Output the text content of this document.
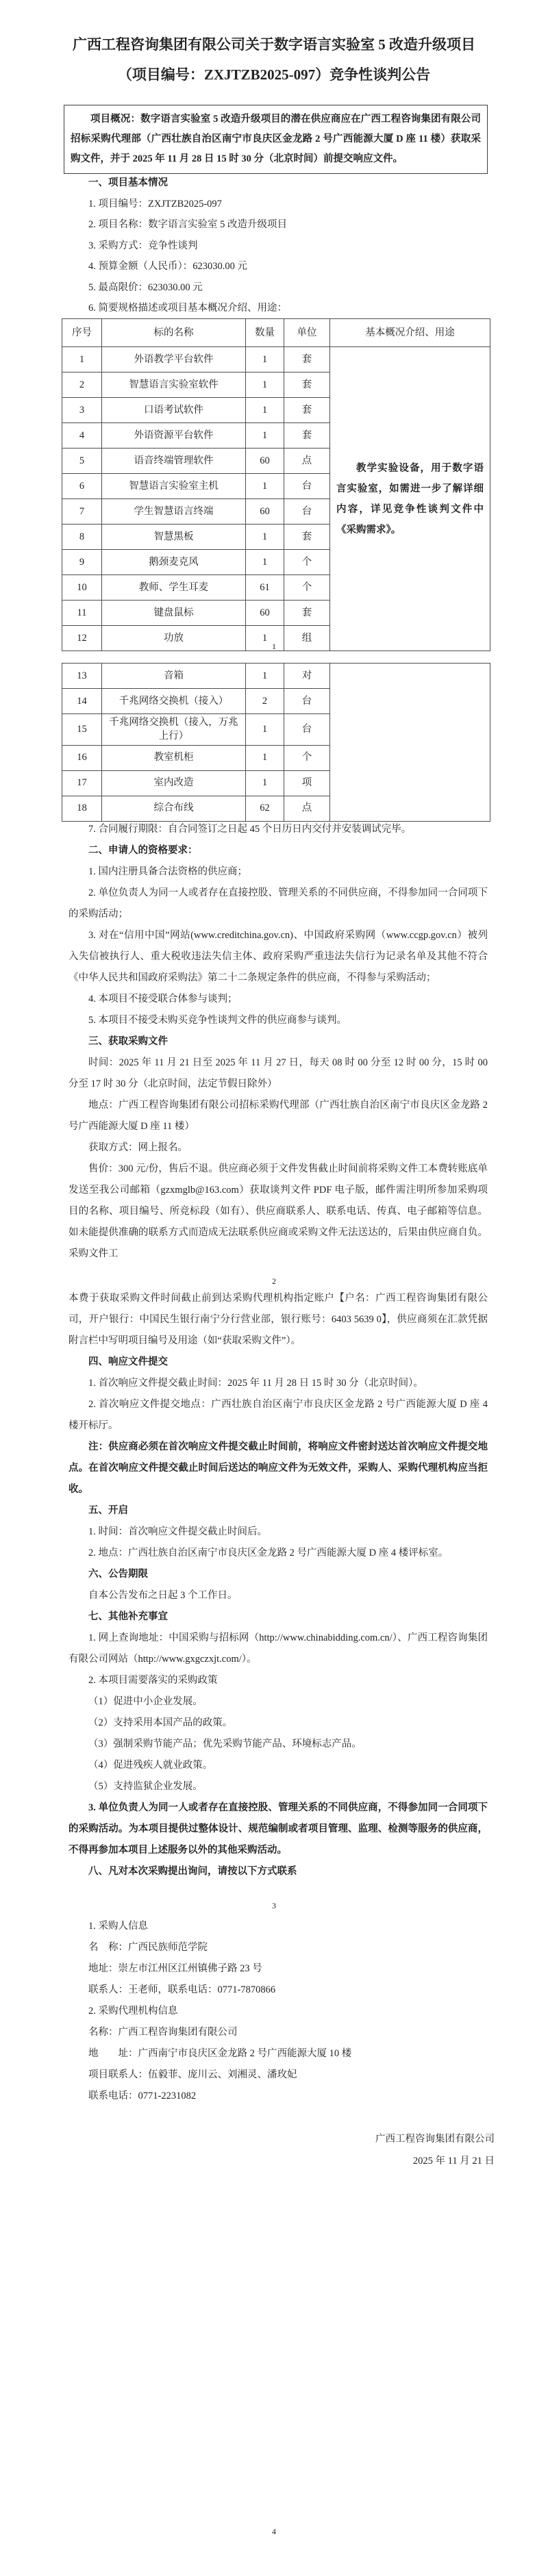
广西工程咨询集团有限公司关于数字语言实验室 5 改造升级项目
（项目编号：ZXJTZB2025-097）竞争性谈判公告

项目概况：数字语言实验室 5 改造升级项目的潜在供应商应在广西工程咨询集团有限公司招标采购代理部（广西壮族自治区南宁市良庆区金龙路 2 号广西能源大厦 D 座 11 楼）获取采购文件，并于 2025 年 11 月 28 日 15 时 30 分（北京时间）前提交响应文件。

一、项目基本情况

1. 项目编号：ZXJTZB2025-097

2. 项目名称：数字语言实验室 5 改造升级项目

3. 采购方式：竞争性谈判

4. 预算金额（人民币）：623030.00 元

5. 最高限价：623030.00 元

6. 简要规格描述或项目基本概况介绍、用途：

序号	标的名称	数量	单位	基本概况介绍、用途
1	外语教学平台软件	1	套	教学实验设备，用于数字语言实验室，如需进一步了解详细内容，详见竞争性谈判文件中《采购需求》。

2	智慧语言实验室软件	1	套	
3	口语考试软件	1	套	
4	外语资源平台软件	1	套	
5	语音终端管理软件	60	点	
6	智慧语言实验室主机	1	台	
7	学生智慧语言终端	60	台	
8	智慧黑板	1	套	
9	鹅颈麦克风	1	个	
10	教师、学生耳麦	61	个	
11	键盘鼠标	60	套	
12	功放	1	组	
1
13	音箱	1	对	
14	千兆网络交换机（接入）	2	台	
15	千兆网络交换机（接入，万兆上行）	1	台	
16	教室机柜	1	个	
17	室内改造	1	项	
18	综合布线	62	点	

7. 合同履行期限：自合同签订之日起 45 个日历日内交付并安装调试完毕。

二、申请人的资格要求：

1. 国内注册具备合法资格的供应商；

2. 单位负责人为同一人或者存在直接控股、管理关系的不同供应商，不得参加同一合同项下的采购活动；

3. 对在“信用中国”网站(www.creditchina.gov.cn)、中国政府采购网（www.ccgp.gov.cn）被列入失信被执行人、重大税收违法失信主体、政府采购严重违法失信行为记录名单及其他不符合《中华人民共和国政府采购法》第二十二条规定条件的供应商，不得参与采购活动；

4. 本项目不接受联合体参与谈判；

5. 本项目不接受未购买竞争性谈判文件的供应商参与谈判。

三、获取采购文件

时间：2025 年 11 月 21 日至 2025 年 11 月 27 日，每天 08 时 00 分至 12 时 00 分，15 时 00 分至 17 时 30 分（北京时间，法定节假日除外）

地点：广西工程咨询集团有限公司招标采购代理部（广西壮族自治区南宁市良庆区金龙路 2 号广西能源大厦 D 座 11 楼）

获取方式：网上报名。

售价：300 元/份，售后不退。供应商必须于文件发售截止时间前将采购文件工本费转账底单发送至我公司邮箱（gzxmglb@163.com）获取谈判文件 PDF 电子版，邮件需注明所参加采购项目的名称、项目编号、所竞标段（如有）、供应商联系人、联系电话、传真、电子邮箱等信息。如未能提供准确的联系方式而造成无法联系供应商或采购文件无法送达的，后果由供应商自负。采购文件工

2

本费于获取采购文件时间截止前到达采购代理机构指定账户【户名：广西工程咨询集团有限公司，开户银行：中国民生银行南宁分行营业部，银行账号：6403 5639 0】，供应商须在汇款凭据附言栏中写明项目编号及用途（如“获取采购文件”）。

四、响应文件提交

1. 首次响应文件提交截止时间：2025 年 11 月 28 日 15 时 30 分（北京时间）。

2. 首次响应文件提交地点：广西壮族自治区南宁市良庆区金龙路 2 号广西能源大厦 D 座 4 楼开标厅。

注：供应商必须在首次响应文件提交截止时间前，将响应文件密封送达首次响应文件提交地点。在首次响应文件提交截止时间后送达的响应文件为无效文件，采购人、采购代理机构应当拒收。

五、开启

1. 时间：首次响应文件提交截止时间后。

2. 地点：广西壮族自治区南宁市良庆区金龙路 2 号广西能源大厦 D 座 4 楼评标室。

六、公告期限

自本公告发布之日起 3 个工作日。

七、其他补充事宜

1. 网上查询地址：中国采购与招标网（http://www.chinabidding.com.cn/）、广西工程咨询集团有限公司网站（http://www.gxgczxjt.com/）。

2. 本项目需要落实的采购政策

（1）促进中小企业发展。

（2）支持采用本国产品的政策。

（3）强制采购节能产品；优先采购节能产品、环境标志产品。

（4）促进残疾人就业政策。

（5）支持监狱企业发展。

3. 单位负责人为同一人或者存在直接控股、管理关系的不同供应商，不得参加同一合同项下的采购活动。为本项目提供过整体设计、规范编制或者项目管理、监理、检测等服务的供应商，不得再参加本项目上述服务以外的其他采购活动。

八、凡对本次采购提出询问，请按以下方式联系

3

1. 采购人信息

名　称：广西民族师范学院

地址：崇左市江州区江州镇佛子路 23 号

联系人：王老师，联系电话：0771-7870866

2. 采购代理机构信息

名称：广西工程咨询集团有限公司

地　　址：广西南宁市良庆区金龙路 2 号广西能源大厦 10 楼

项目联系人：伍毅菲、庞川云、刘湘灵、潘玫妃

联系电话：0771-2231082

广西工程咨询集团有限公司

2025 年 11 月 21 日

4
